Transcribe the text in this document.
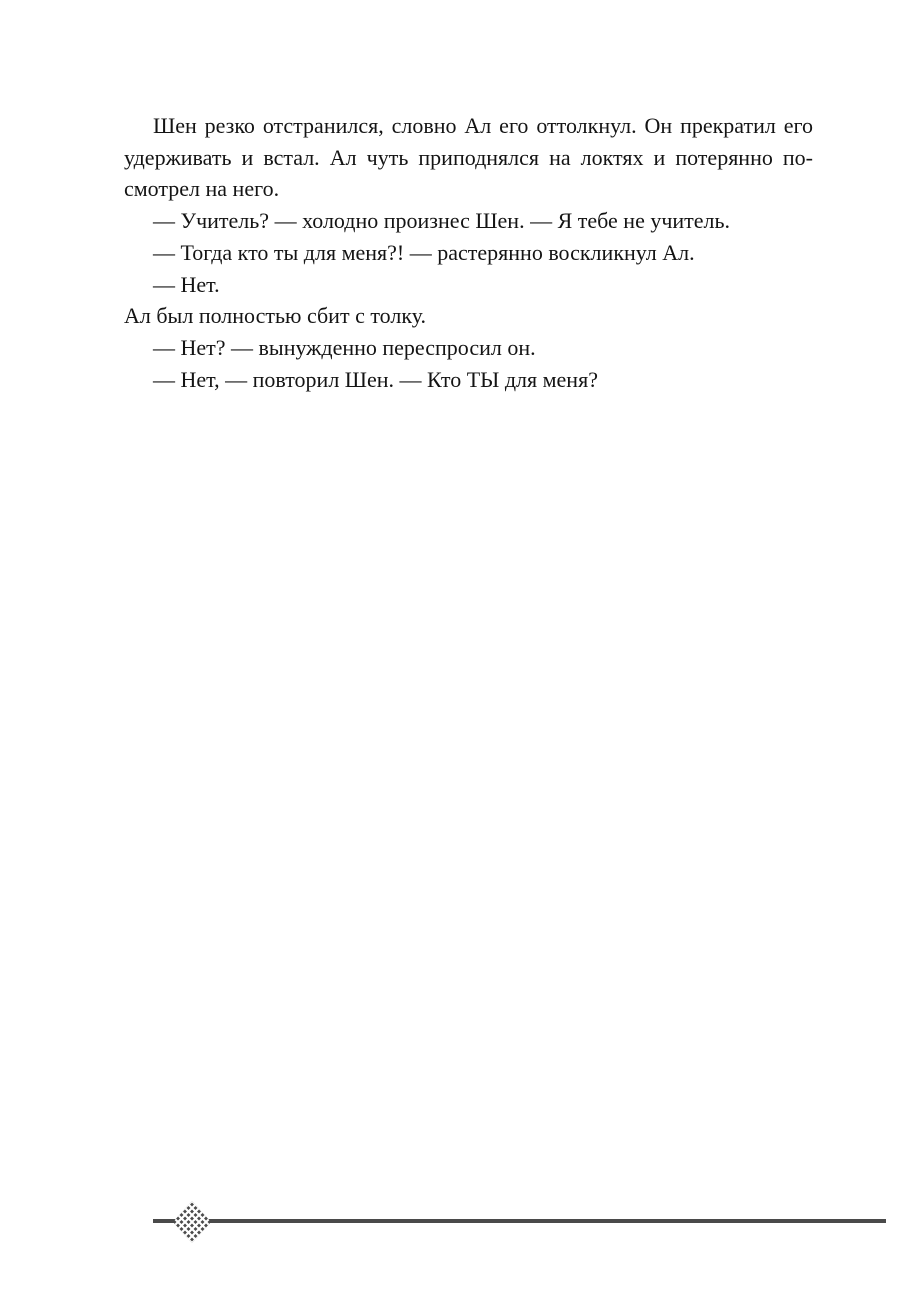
Шен резко отстранился, словно Ал его оттолкнул. Он прекратил его

удерживать и встал. Ал чуть приподнялся на локтях и потерянно по-

смотрел на него.

— Учитель? — холодно произнес Шен. — Я тебе не учитель.

— Тогда кто ты для меня?! — растерянно воскликнул Ал.

— Нет.

Ал был полностью сбит с толку.

— Нет? — вынужденно переспросил он.

— Нет, — повторил Шен. — Кто ТЫ для меня?
